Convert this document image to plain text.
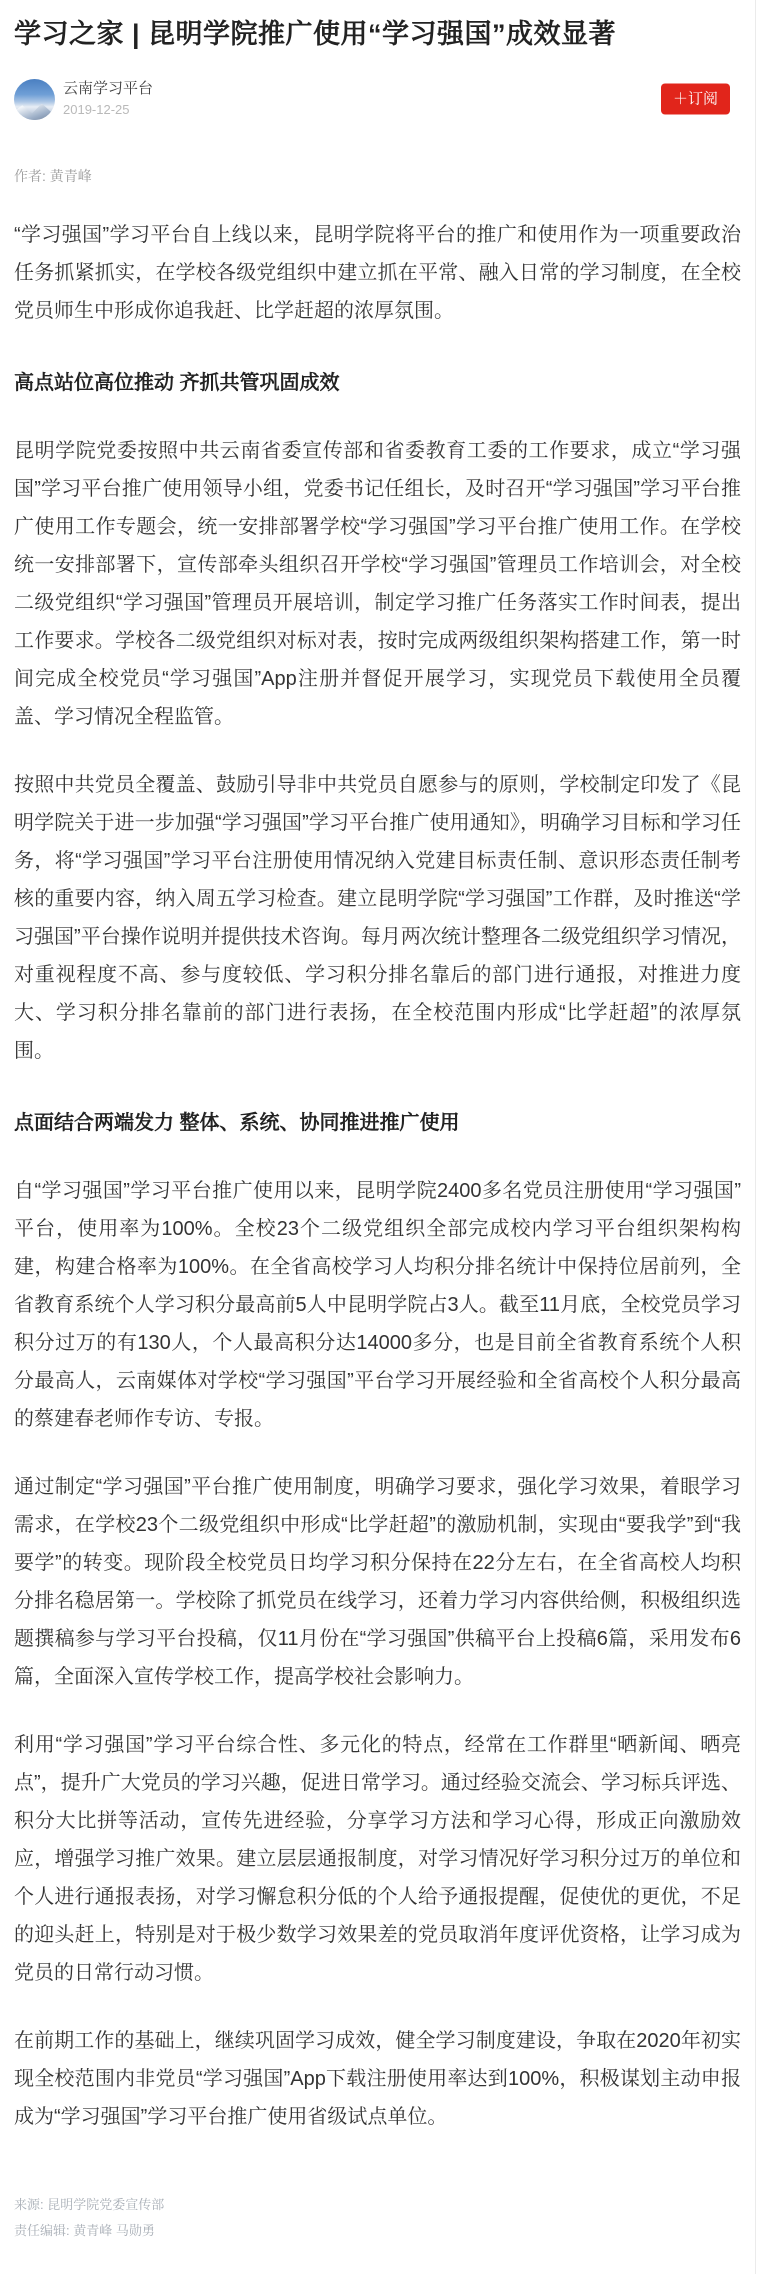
学习之家 | 昆明学院推广使用“学习强国”成效显著
云南学习平台
2019-12-25
＋订阅
作者: 黄青峰

“学习强国”学习平台自上线以来，昆明学院将平台的推广和使用作为一项重要政治任务抓紧抓实，在学校各级党组织中建立抓在平常、融入日常的学习制度，在全校党员师生中形成你追我赶、比学赶超的浓厚氛围。

高点站位高位推动 齐抓共管巩固成效

昆明学院党委按照中共云南省委宣传部和省委教育工委的工作要求，成立“学习强国”学习平台推广使用领导小组，党委书记任组长，及时召开“学习强国”学习平台推广使用工作专题会，统一安排部署学校“学习强国”学习平台推广使用工作。在学校统一安排部署下，宣传部牵头组织召开学校“学习强国”管理员工作培训会，对全校二级党组织“学习强国”管理员开展培训，制定学习推广任务落实工作时间表，提出工作要求。学校各二级党组织对标对表，按时完成两级组织架构搭建工作，第一时间完成全校党员“学习强国”App注册并督促开展学习，实现党员下载使用全员覆盖、学习情况全程监管。

按照中共党员全覆盖、鼓励引导非中共党员自愿参与的原则，学校制定印发了《昆明学院关于进一步加强“学习强国”学习平台推广使用通知》，明确学习目标和学习任务，将“学习强国”学习平台注册使用情况纳入党建目标责任制、意识形态责任制考核的重要内容，纳入周五学习检查。建立昆明学院“学习强国”工作群，及时推送“学习强国”平台操作说明并提供技术咨询。每月两次统计整理各二级党组织学习情况，对重视程度不高、参与度较低、学习积分排名靠后的部门进行通报，对推进力度大、学习积分排名靠前的部门进行表扬，在全校范围内形成“比学赶超”的浓厚氛围。

点面结合两端发力 整体、系统、协同推进推广使用

自“学习强国”学习平台推广使用以来，昆明学院2400多名党员注册使用“学习强国”平台，使用率为100%。全校23个二级党组织全部完成校内学习平台组织架构构建，构建合格率为100%。在全省高校学习人均积分排名统计中保持位居前列，全省教育系统个人学习积分最高前5人中昆明学院占3人。截至11月底，全校党员学习积分过万的有130人，个人最高积分达14000多分，也是目前全省教育系统个人积分最高人，云南媒体对学校“学习强国”平台学习开展经验和全省高校个人积分最高的蔡建春老师作专访、专报。

通过制定“学习强国”平台推广使用制度，明确学习要求，强化学习效果，着眼学习需求，在学校23个二级党组织中形成“比学赶超”的激励机制，实现由“要我学”到“我要学”的转变。现阶段全校党员日均学习积分保持在22分左右，在全省高校人均积分排名稳居第一。学校除了抓党员在线学习，还着力学习内容供给侧，积极组织选题撰稿参与学习平台投稿，仅11月份在“学习强国”供稿平台上投稿6篇，采用发布6篇，全面深入宣传学校工作，提高学校社会影响力。

利用“学习强国”学习平台综合性、多元化的特点，经常在工作群里“晒新闻、晒亮点”，提升广大党员的学习兴趣，促进日常学习。通过经验交流会、学习标兵评选、积分大比拼等活动，宣传先进经验，分享学习方法和学习心得，形成正向激励效应，增强学习推广效果。建立层层通报制度，对学习情况好学习积分过万的单位和个人进行通报表扬，对学习懈怠积分低的个人给予通报提醒，促使优的更优，不足的迎头赶上，特别是对于极少数学习效果差的党员取消年度评优资格，让学习成为党员的日常行动习惯。

在前期工作的基础上，继续巩固学习成效，健全学习制度建设，争取在2020年初实现全校范围内非党员“学习强国”App下载注册使用率达到100%，积极谋划主动申报成为“学习强国”学习平台推广使用省级试点单位。

来源: 昆明学院党委宣传部
责任编辑: 黄青峰 马勋勇
